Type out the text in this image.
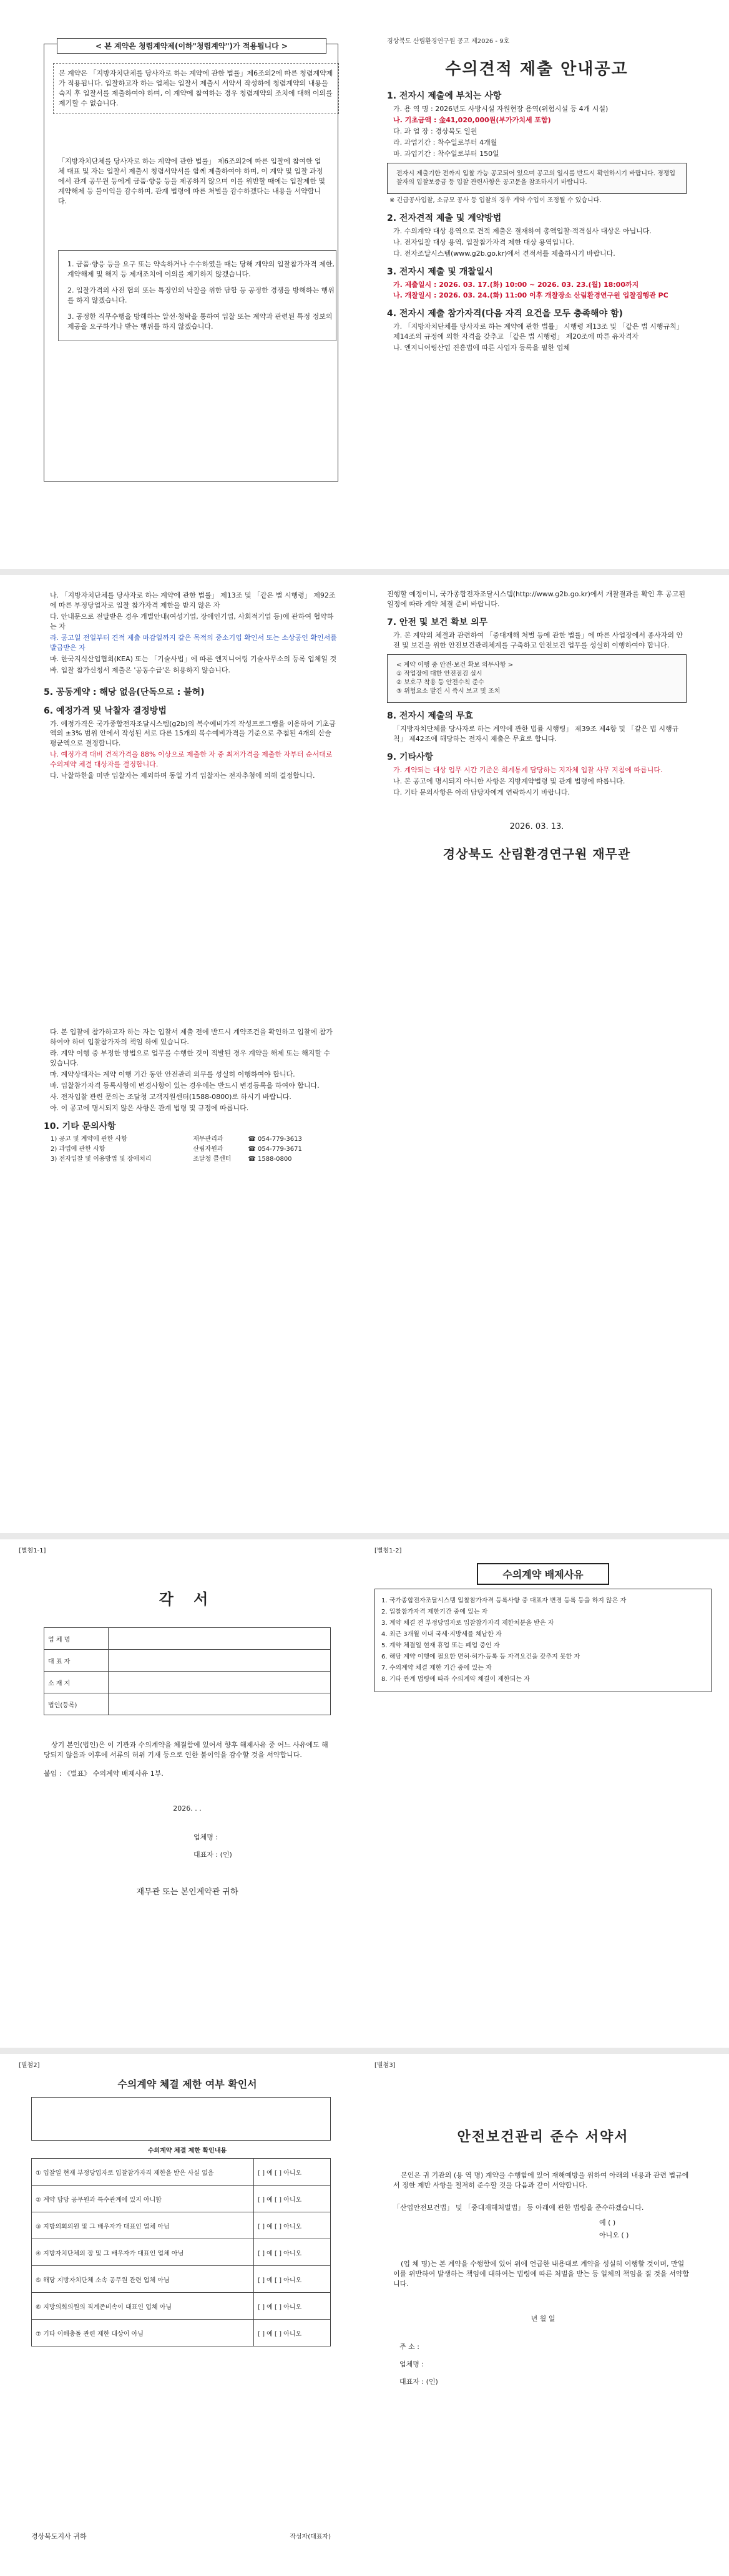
< 본 계약은 청렴계약제(이하"청렴계약")가 적용됩니다 >
본 계약은 「지방자치단체를 당사자로 하는 계약에 관한 법률」제6조의2에 따른 청렴계약제가 적용됩니다. 입찰하고자 하는 업체는 입찰서 제출시 서약서 작성하에 청렴계약의 내용을 숙지 후 입찰서를 제출하여야 하며, 이 계약에 참여하는 경우 청렴계약의 조치에 대해 이의를 제기할 수 없습니다.
「지방자치단체를 당사자로 하는 계약에 관한 법률」 제6조의2에 따른 입찰에 참여한 업체 대표 및 자는 입찰서 제출시 청렴서약서를 함께 제출하여야 하며, 이 계약 및 입찰 과정에서 관계 공무원 등에게 금품·향응 등을 제공하지 않으며 이를 위반할 때에는 입찰제한 및 계약해제 등 불이익을 감수하며, 관계 법령에 따른 처벌을 감수하겠다는 내용을 서약합니다.
1. 금품·향응 등을 요구 또는 약속하거나 수수하였을 때는 당해 계약의 입찰참가자격 제한, 계약해제 및 해지 등 제재조치에 이의를 제기하지 않겠습니다.
2. 입찰가격의 사전 협의 또는 특정인의 낙찰을 위한 담합 등 공정한 경쟁을 방해하는 행위를 하지 않겠습니다.
3. 공정한 직무수행을 방해하는 알선·청탁을 통하여 입찰 또는 계약과 관련된 특정 정보의 제공을 요구하거나 받는 행위를 하지 않겠습니다.
경상북도 산림환경연구원 공고 제2026 - 9호
수의견적 제출 안내공고
1. 전자시 제출에 부치는 사항
가. 용 역 명 : 2026년도 사방시설 자원현장 용역(위험시설 등 4개 시설)
나. 기초금액 : 金41,020,000원(부가가치세 포함)
다. 과 업 장 : 경상북도 일원
라. 과업기간 : 착수일로부터 4개월
마. 과업기간 : 착수일로부터 150일
전자시 제출기한 전까지 입찰 가능 공고되어 있으며 공고의 일시를 반드시 확인하시기 바랍니다. 경쟁입찰자의 입찰보증금 등 입찰 관련사항은 공고문을 참조하시기 바랍니다.
※ 긴급공사입찰, 소규모 공사 등 입찰의 경우 계약 수입이 조정될 수 있습니다.
2. 전자견적 제출 및 계약방법
가. 수의계약 대상 용역으로 견적 제출은 결재하여 총액입찰·적격심사 대상은 아닙니다.
나. 전자입찰 대상 용역, 입찰참가자격 제한 대상 용역입니다.
다. 전자조달시스템(www.g2b.go.kr)에서 견적서를 제출하시기 바랍니다.
3. 전자시 제출 및 개찰일시
가. 제출일시 : 2026. 03. 17.(화) 10:00 ~ 2026. 03. 23.(월) 18:00까지
나. 개찰일시 : 2026. 03. 24.(화) 11:00 이후 개찰장소 산림환경연구원 입찰집행관 PC
4. 전자시 제출 참가자격(다음 자격 요건을 모두 충족해야 함)
가. 「지방자치단체를 당사자로 하는 계약에 관한 법률」 시행령 제13조 및 「같은 법 시행규칙」 제14조의 규정에 의한 자격을 갖추고 「같은 법 시행령」 제20조에 따른 유자격자
나. 엔지니어링산업 진흥법에 따른 사업자 등록을 필한 업체
나. 「지방자치단체를 당사자로 하는 계약에 관한 법률」 제13조 및 「같은 법 시행령」 제92조에 따른 부정당업자로 입찰 참가자격 제한을 받지 않은 자
다. 안내문으로 전달받은 경우 개별안내(여성기업, 장애인기업, 사회적기업 등)에 관하여 협약하는 자
라. 공고일 전일부터 견적 제출 마감일까지 같은 목적의 중소기업 확인서 또는 소상공인 확인서를 발급받은 자
마. 한국지식산업협회(KEA) 또는 「기술사법」에 따른 엔지니어링 기술사무소의 등록 업체일 것
바. 입찰 참가신청서 제출은 '공동수급'은 허용하지 않습니다.
5. 공동계약 : 해당 없음(단독으로 : 불허)
6. 예정가격 및 낙찰자 결정방법
가. 예정가격은 국가종합전자조달시스템(g2b)의 복수예비가격 작성프로그램을 이용하여 기초금액의 ±3% 범위 안에서 작성된 서로 다른 15개의 복수예비가격을 기준으로 추첨된 4개의 산술평균액으로 결정합니다.
나. 예정가격 대비 견적가격을 88% 이상으로 제출한 자 중 최저가격을 제출한 자부터 순서대로 수의계약 체결 대상자를 결정합니다.
다. 낙찰하한율 미만 입찰자는 제외하며 동일 가격 입찰자는 전자추첨에 의해 결정합니다.
진행할 예정이니, 국가종합전자조달시스템(http://www.g2b.go.kr)에서 개찰결과를 확인 후 공고된 일정에 따라 계약 체결 준비 바랍니다.
7. 안전 및 보건 확보 의무
가. 본 계약의 체결과 관련하여 「중대재해 처벌 등에 관한 법률」에 따른 사업장에서 종사자의 안전 및 보건을 위한 안전보건관리체계를 구축하고 안전보건 업무를 성실히 이행하여야 합니다.
< 계약 이행 중 안전·보건 확보 의무사항 >
① 작업장에 대한 안전점검 실시
② 보호구 착용 등 안전수칙 준수
③ 위험요소 발견 시 즉시 보고 및 조치
8. 전자시 제출의 무효
「지방자치단체를 당사자로 하는 계약에 관한 법률 시행령」 제39조 제4항 및 「같은 법 시행규칙」 제42조에 해당하는 전자시 제출은 무효로 합니다.
9. 기타사항
가. 계약되는 대상 업무 시간 기준은 회계통계 담당하는 지자체 입찰 사무 지침에 따릅니다.
나. 본 공고에 명시되지 아니한 사항은 지방계약법령 및 관계 법령에 따릅니다.
다. 기타 문의사항은 아래 담당자에게 연락하시기 바랍니다.
2026. 03. 13.
경상북도 산림환경연구원 재무관
다. 본 입찰에 참가하고자 하는 자는 입찰서 제출 전에 반드시 계약조건을 확인하고 입찰에 참가하여야 하며 입찰참가자의 책임 하에 있습니다.
라. 계약 이행 중 부정한 방법으로 업무를 수행한 것이 적발된 경우 계약을 해제 또는 해지할 수 있습니다.
마. 계약상대자는 계약 이행 기간 동안 안전관리 의무를 성실히 이행하여야 합니다.
바. 입찰참가자격 등록사항에 변경사항이 있는 경우에는 반드시 변경등록을 하여야 합니다.
사. 전자입찰 관련 문의는 조달청 고객지원센터(1588-0800)로 하시기 바랍니다.
아. 이 공고에 명시되지 않은 사항은 관계 법령 및 규정에 따릅니다.
10. 기타 문의사항
1) 공고 및 계약에 관한 사항	재무관리과	☎ 054-779-3613
2) 과업에 관한 사항	산림자원과	☎ 054-779-3671
3) 전자입찰 및 이용방법 및 장애처리	조달청 콜센터	☎ 1588-0800
[별첨1-1]
각 서
업 체 명	
대 표 자	
소 재 지	
법인(등록)	
상기 본인(법인)은 이 기관과 수의계약을 체결함에 있어서 향후 해제사유 중 어느 사유에도 해당되지 않음과 이후에 서류의 허위 기재 등으로 인한 불이익을 감수할 것을 서약합니다.
붙임 : 《별표》 수의계약 배제사유 1부.
2026. . .
업체명 :
대표자 : (인)
재무관 또는 본인계약관 귀하
[별첨1-2]
수의계약 배제사유
1. 국가종합전자조달시스템 입찰참가자격 등록사항 중 대표자 변경 등록 등을 하지 않은 자
2. 입찰참가자격 제한기간 중에 있는 자
3. 계약 체결 전 부정당업자로 입찰참가자격 제한처분을 받은 자
4. 최근 3개월 이내 국세·지방세를 체납한 자
5. 계약 체결일 현재 휴업 또는 폐업 중인 자
6. 해당 계약 이행에 필요한 면허·허가·등록 등 자격요건을 갖추지 못한 자
7. 수의계약 체결 제한 기간 중에 있는 자
8. 기타 관계 법령에 따라 수의계약 체결이 제한되는 자
[별첨2]
수의계약 체결 제한 여부 확인서
수의계약 체결 제한 확인내용
① 입찰일 현재 부정당업자로 입찰참가자격 제한을 받은 사실 없음	[ ] 예 [ ] 아니오
② 계약 담당 공무원과 특수관계에 있지 아니함	[ ] 예 [ ] 아니오
③ 지방의회의원 및 그 배우자가 대표인 업체 아님	[ ] 예 [ ] 아니오
④ 지방자치단체의 장 및 그 배우자가 대표인 업체 아님	[ ] 예 [ ] 아니오
⑤ 해당 지방자치단체 소속 공무원 관련 업체 아님	[ ] 예 [ ] 아니오
⑥ 지방의회의원의 직계존비속이 대표인 업체 아님	[ ] 예 [ ] 아니오
⑦ 기타 이해충돌 관련 제한 대상이 아님	[ ] 예 [ ] 아니오
경상북도지사 귀하	작성자(대표자)
[별첨3]
안전보건관리 준수 서약서
본인은 귀 기관의 (용 역 명) 계약을 수행함에 있어 재해예방을 위하여 아래의 내용과 관련 법규에서 정한 제반 사항을 철저히 준수할 것을 다음과 같이 서약합니다.
「산업안전보건법」 및 「중대재해처벌법」 등 아래에 관한 법령을 준수하겠습니다.
예 ( )
아니오 ( )
(업 체 명)는 본 계약을 수행함에 있어 위에 언급한 내용대로 계약을 성실히 이행할 것이며, 만일 이를 위반하여 발생하는 책임에 대하여는 법령에 따른 처벌을 받는 등 일체의 책임을 질 것을 서약합니다.
년 월 일
주 소 :
업체명 :
대표자 : (인)
